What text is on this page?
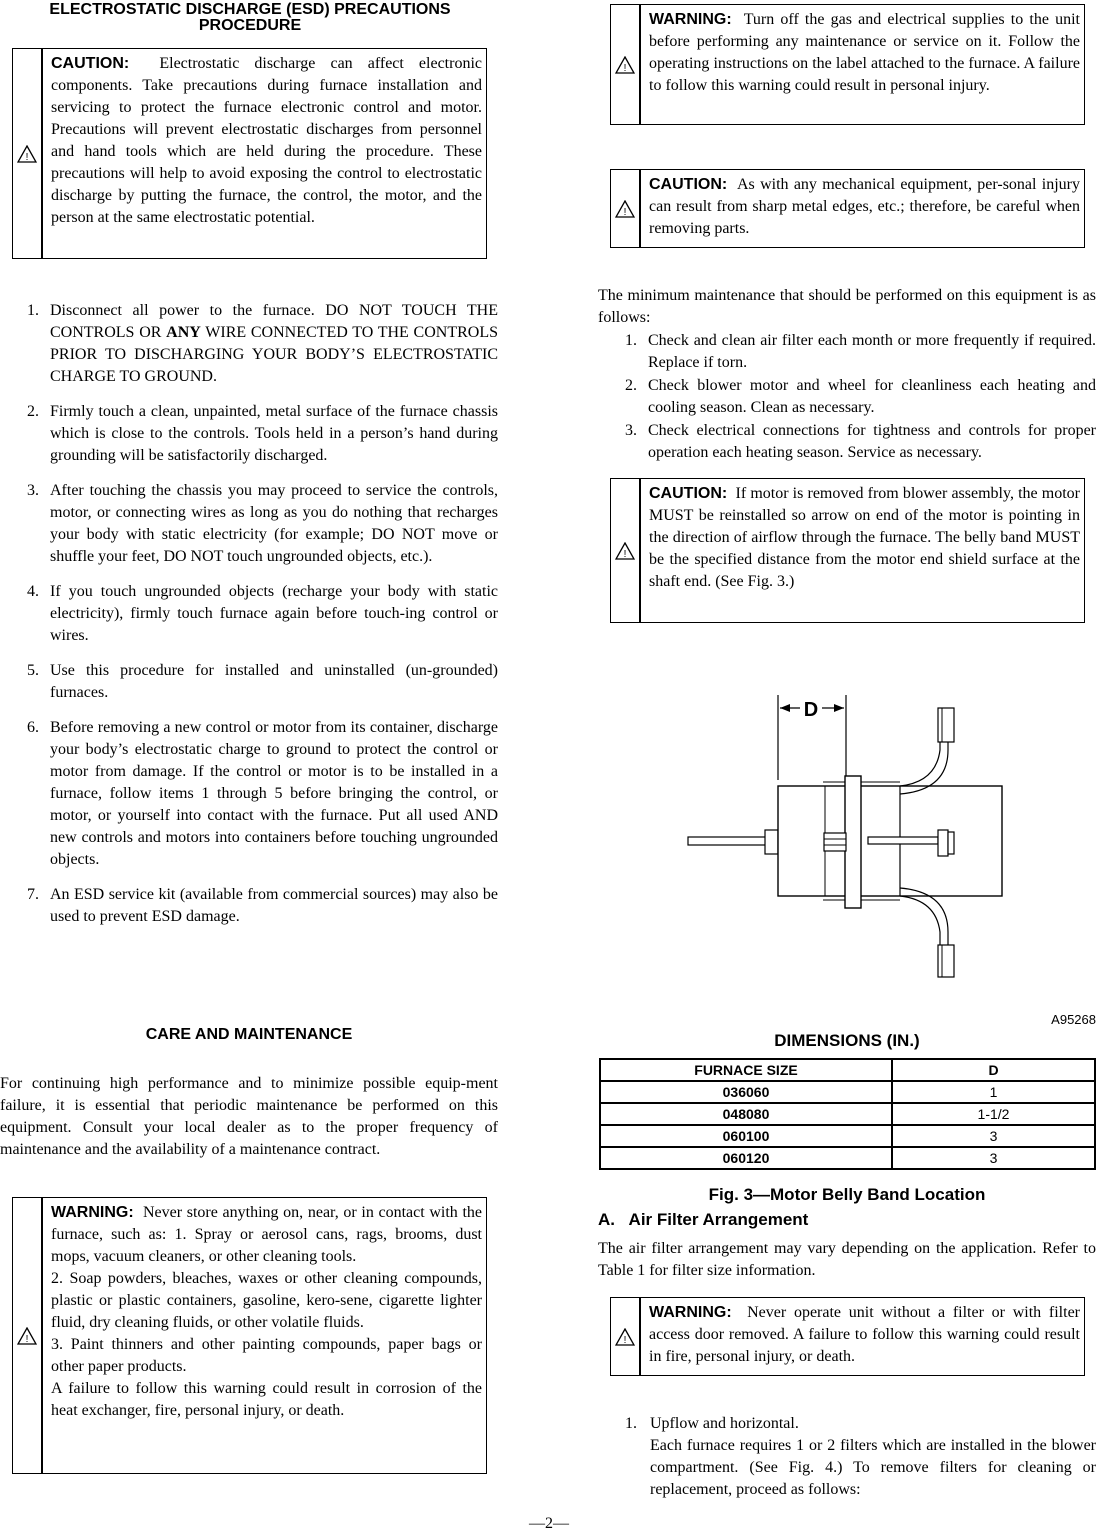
ELECTROSTATIC DISCHARGE (ESD) PRECAUTIONS
PROCEDURE
!
CAUTION: Electrostatic discharge can affect electronic components. Take precautions during furnace installation and servicing to protect the furnace electronic control and motor. Precautions will prevent electrostatic discharges from personnel and hand tools which are held during the procedure. These precautions will help to avoid exposing the control to electrostatic discharge by putting the furnace, the control, the motor, and the person at the same electrostatic potential.
1. Disconnect all power to the furnace. DO NOT TOUCH THE CONTROLS OR ANY WIRE CONNECTED TO THE CONTROLS PRIOR TO DISCHARGING YOUR BODY’S ELECTROSTATIC CHARGE TO GROUND.
2. Firmly touch a clean, unpainted, metal surface of the furnace chassis which is close to the controls. Tools held in a person’s hand during grounding will be satisfactorily discharged.
3. After touching the chassis you may proceed to service the controls, motor, or connecting wires as long as you do nothing that recharges your body with static electricity (for example; DO NOT move or shuffle your feet, DO NOT touch ungrounded objects, etc.).
4. If you touch ungrounded objects (recharge your body with static electricity), firmly touch furnace again before touch-ing control or wires.
5. Use this procedure for installed and uninstalled (un-grounded) furnaces.
6. Before removing a new control or motor from its container, discharge your body’s electrostatic charge to ground to protect the control or motor from damage. If the control or motor is to be installed in a furnace, follow items 1 through 5 before bringing the control, or motor, or yourself into contact with the furnace. Put all used AND new controls and motors into containers before touching ungrounded objects.
7. An ESD service kit (available from commercial sources) may also be used to prevent ESD damage.
CARE AND MAINTENANCE

For continuing high performance and to minimize possible equip-ment failure, it is essential that periodic maintenance be performed on this equipment. Consult your local dealer as to the proper frequency of maintenance and the availability of a maintenance contract.

!
WARNING: Never store anything on, near, or in contact with the furnace, such as: 1. Spray or aerosol cans, rags, brooms, dust mops, vacuum cleaners, or other cleaning tools.
2. Soap powders, bleaches, waxes or other cleaning compounds, plastic or plastic containers, gasoline, kero-sene, cigarette lighter fluid, dry cleaning fluids, or other volatile fluids.
3. Paint thinners and other painting compounds, paper bags or other paper products.
A failure to follow this warning could result in corrosion of the heat exchanger, fire, personal injury, or death.
!
WARNING: Turn off the gas and electrical supplies to the unit before performing any maintenance or service on it. Follow the operating instructions on the label attached to the furnace. A failure to follow this warning could result in personal injury.
!
CAUTION: As with any mechanical equipment, per-sonal injury can result from sharp metal edges, etc.; therefore, be careful when removing parts.

The minimum maintenance that should be performed on this equipment is as follows:

1. Check and clean air filter each month or more frequently if required. Replace if torn.
2. Check blower motor and wheel for cleanliness each heating and cooling season. Clean as necessary.
3. Check electrical connections for tightness and controls for proper operation each heating season. Service as necessary.
!
CAUTION: If motor is removed from blower assembly, the motor MUST be reinstalled so arrow on end of the motor is pointing in the direction of airflow through the furnace. The belly band MUST be the specified distance from the motor end shield surface at the shaft end. (See Fig. 3.)
D
A95268
DIMENSIONS (IN.)
FURNACE SIZE	D
036060	1
048080	1-1/2
060100	3
060120	3
Fig. 3—Motor Belly Band Location
A.   Air Filter Arrangement

The air filter arrangement may vary depending on the application. Refer to Table 1 for filter size information.

!
WARNING: Never operate unit without a filter or with filter access door removed. A failure to follow this warning could result in fire, personal injury, or death.
1. Upflow and horizontal.
Each furnace requires 1 or 2 filters which are installed in the blower compartment. (See Fig. 4.) To remove filters for cleaning or replacement, proceed as follows:
—2—
